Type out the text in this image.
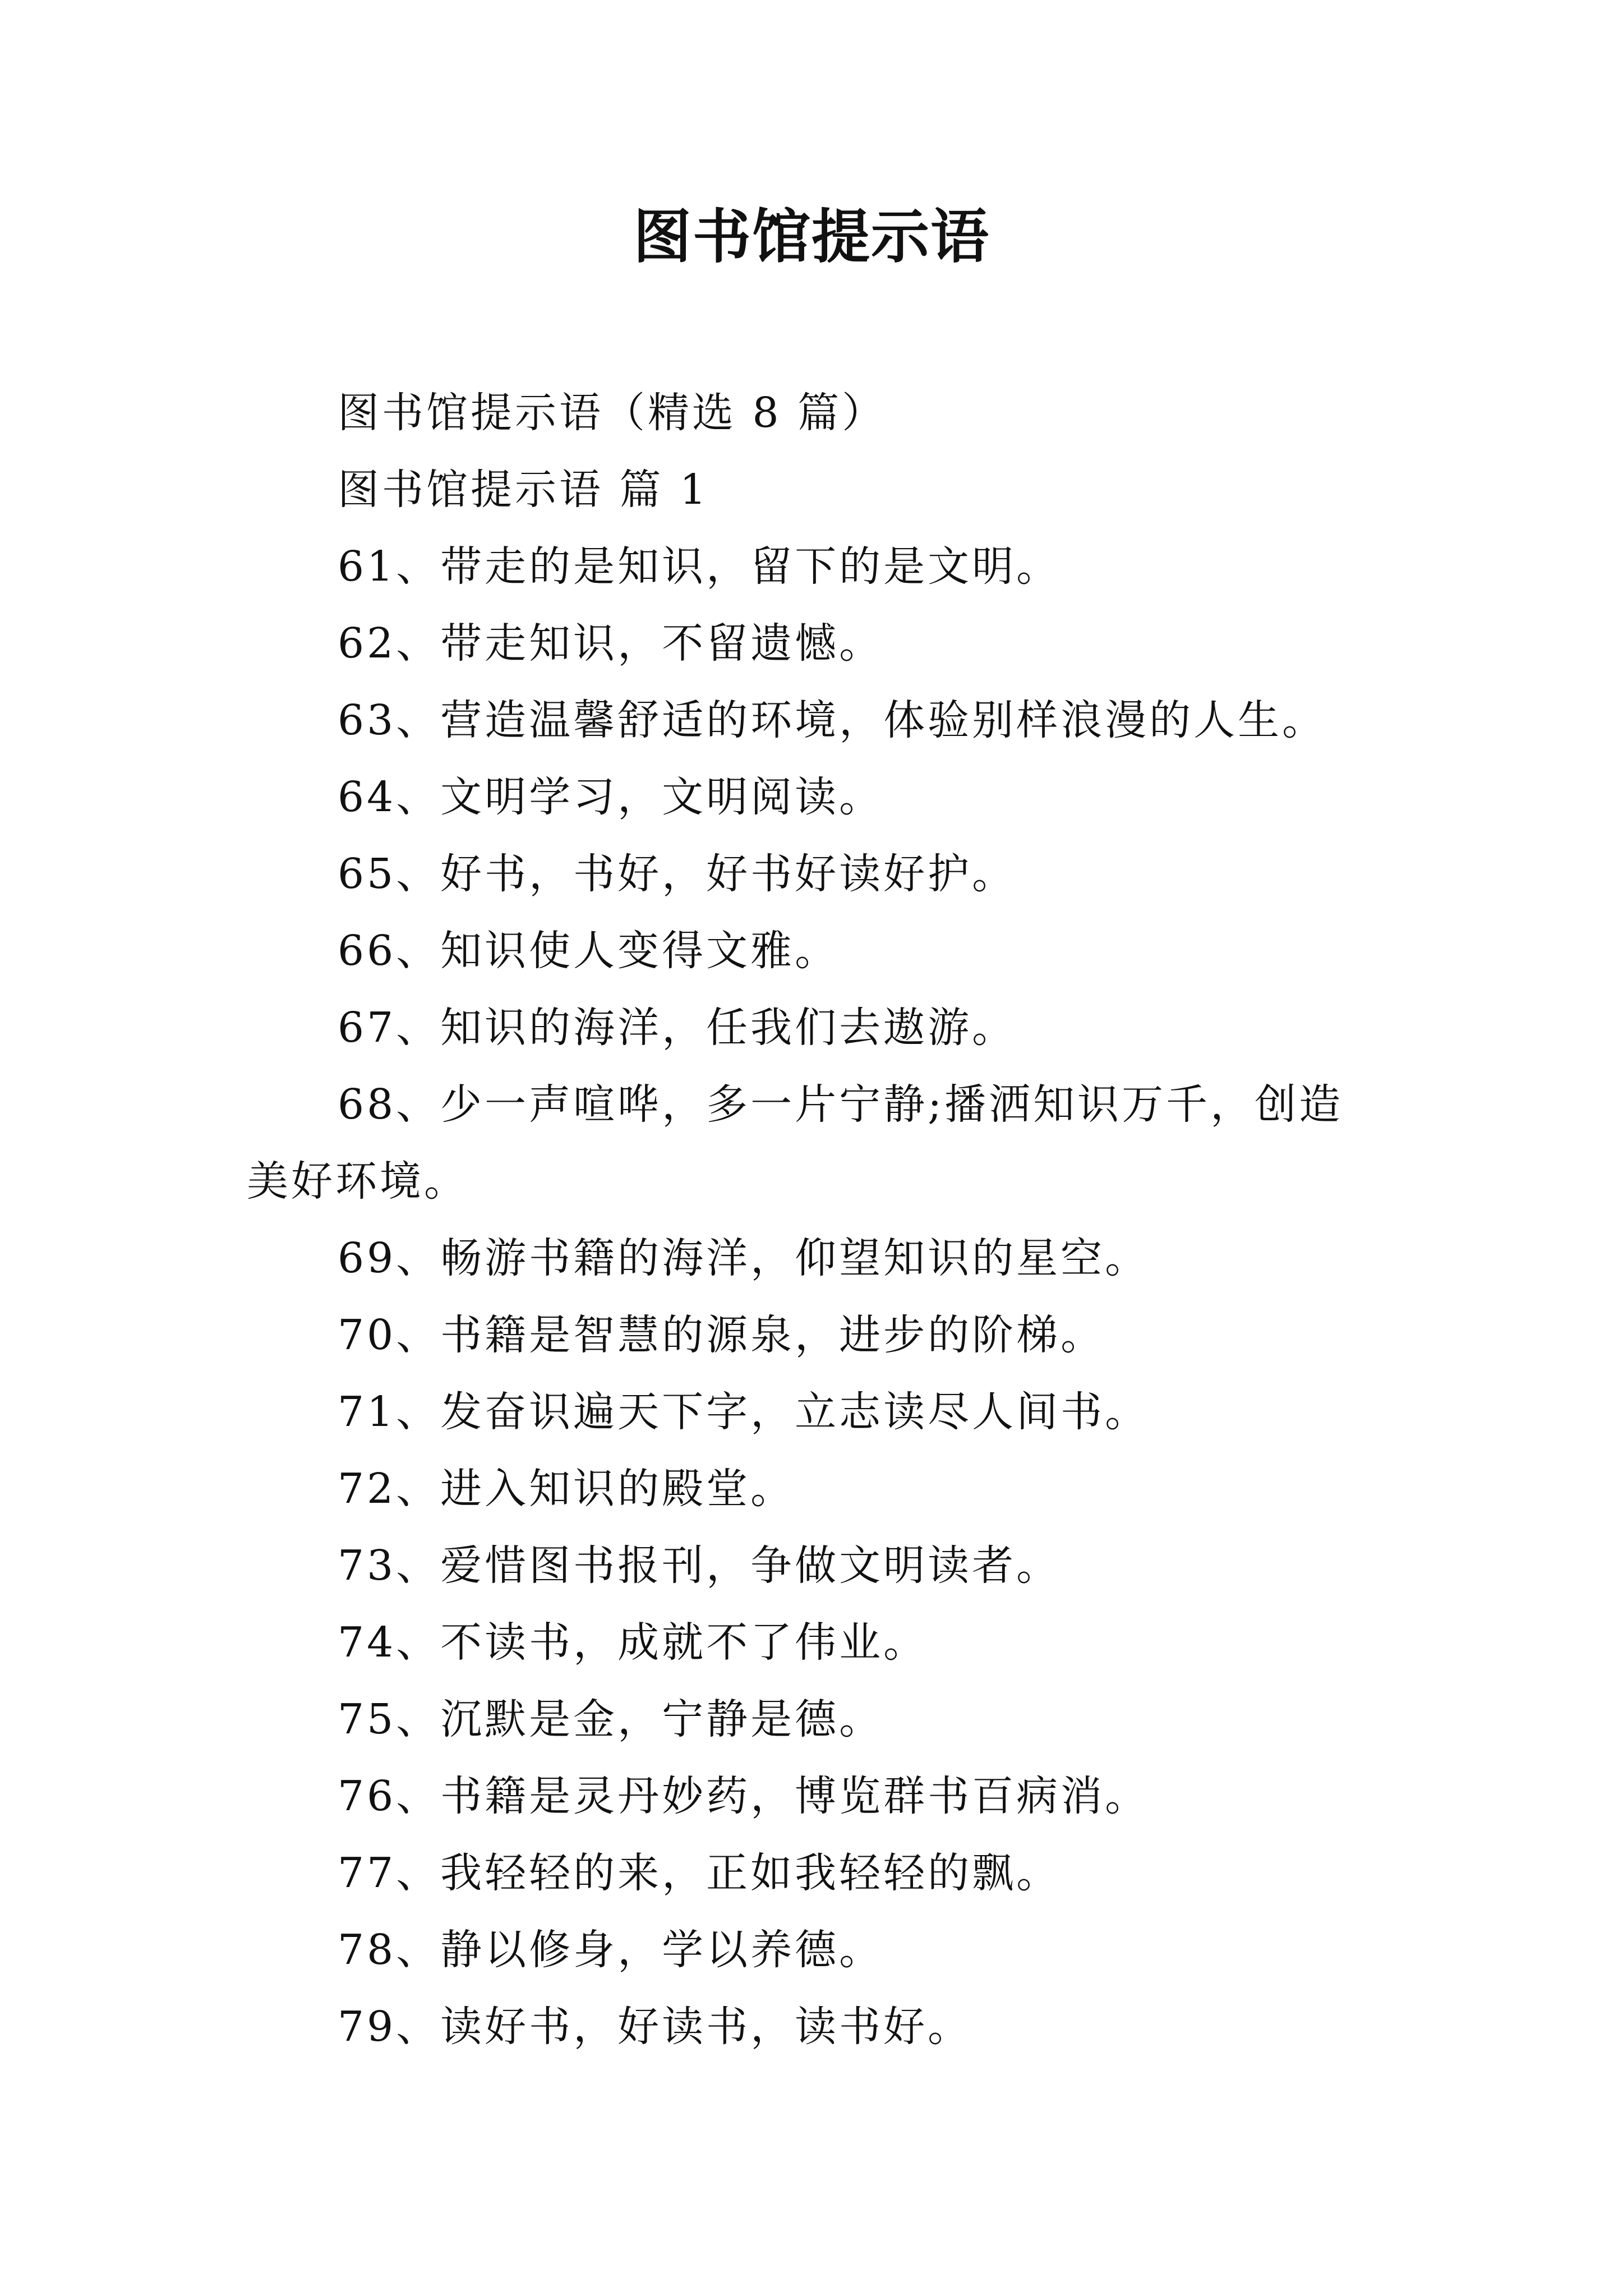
图书馆提示语

图书馆提示语（精选 8 篇）

图书馆提示语 篇 1

61、带走的是知识，留下的是文明。

62、带走知识，不留遗憾。

63、营造温馨舒适的环境，体验别样浪漫的人生。

64、文明学习，文明阅读。

65、好书，书好，好书好读好护。

66、知识使人变得文雅。

67、知识的海洋，任我们去遨游。

68、少一声喧哗，多一片宁静;播洒知识万千，创造美好环境。

69、畅游书籍的海洋，仰望知识的星空。

70、书籍是智慧的源泉，进步的阶梯。

71、发奋识遍天下字，立志读尽人间书。

72、进入知识的殿堂。

73、爱惜图书报刊，争做文明读者。

74、不读书，成就不了伟业。

75、沉默是金，宁静是德。

76、书籍是灵丹妙药，博览群书百病消。

77、我轻轻的来，正如我轻轻的飘。

78、静以修身，学以养德。

79、读好书，好读书，读书好。
